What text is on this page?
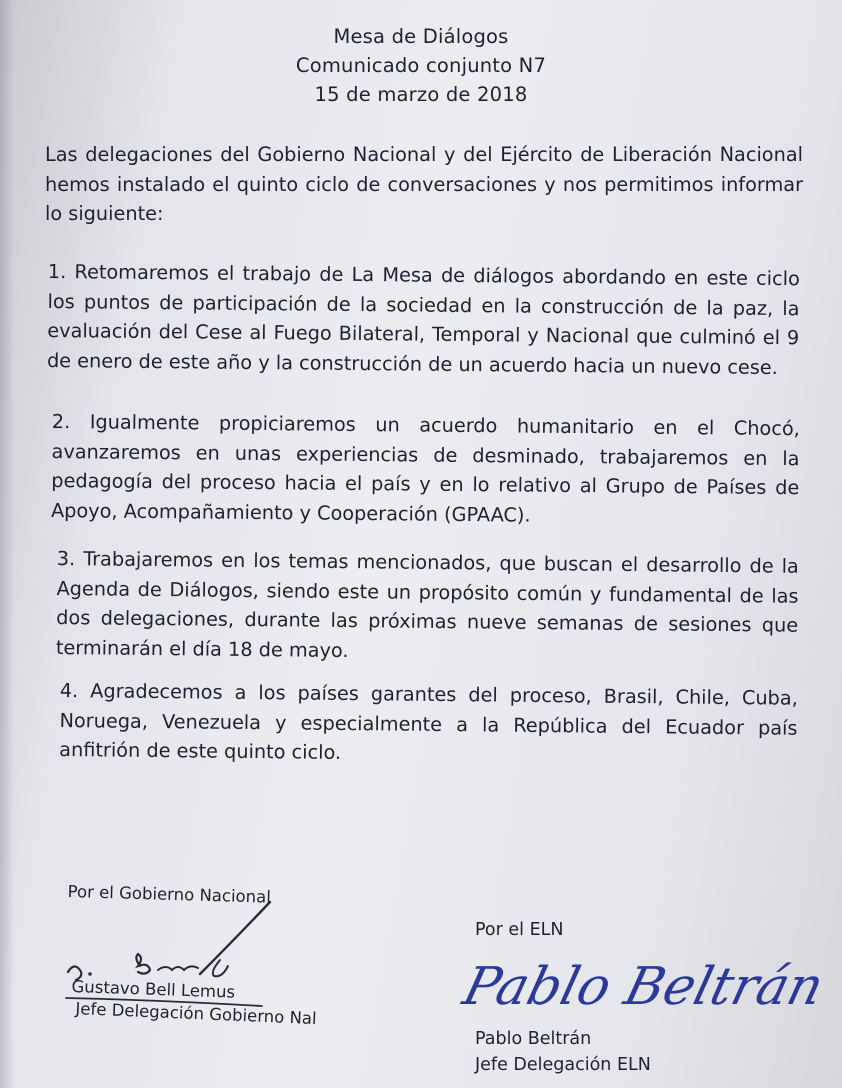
Mesa de Diálogos
Comunicado conjunto N7
15 de marzo de 2018

Las delegaciones del Gobierno Nacional y del Ejército de Liberación Nacional hemos instalado el quinto ciclo de conversaciones y nos permitimos informar lo siguiente:

1. Retomaremos el trabajo de La Mesa de diálogos abordando en este ciclo los puntos de participación de la sociedad en la construcción de la paz, la evaluación del Cese al Fuego Bilateral, Temporal y Nacional que culminó el 9 de enero de este año y la construcción de un acuerdo hacia un nuevo cese.

2. Igualmente propiciaremos un acuerdo humanitario en el Chocó, avanzaremos en unas experiencias de desminado, trabajaremos en la pedagogía del proceso hacia el país y en lo relativo al Grupo de Países de Apoyo, Acompañamiento y Cooperación (GPAAC).

3. Trabajaremos en los temas mencionados, que buscan el desarrollo de la Agenda de Diálogos, siendo este un propósito común y fundamental de las dos delegaciones, durante las próximas nueve semanas de sesiones que terminarán el día 18 de mayo.

4. Agradecemos a los países garantes del proceso, Brasil, Chile, Cuba, Noruega, Venezuela y especialmente a la República del Ecuador país anfitrión de este quinto ciclo.

Por el Gobierno Nacional
Gustavo Bell Lemus
Jefe Delegación Gobierno Nal
Por el ELN
Pablo Beltrán
Pablo Beltrán
Jefe Delegación ELN
